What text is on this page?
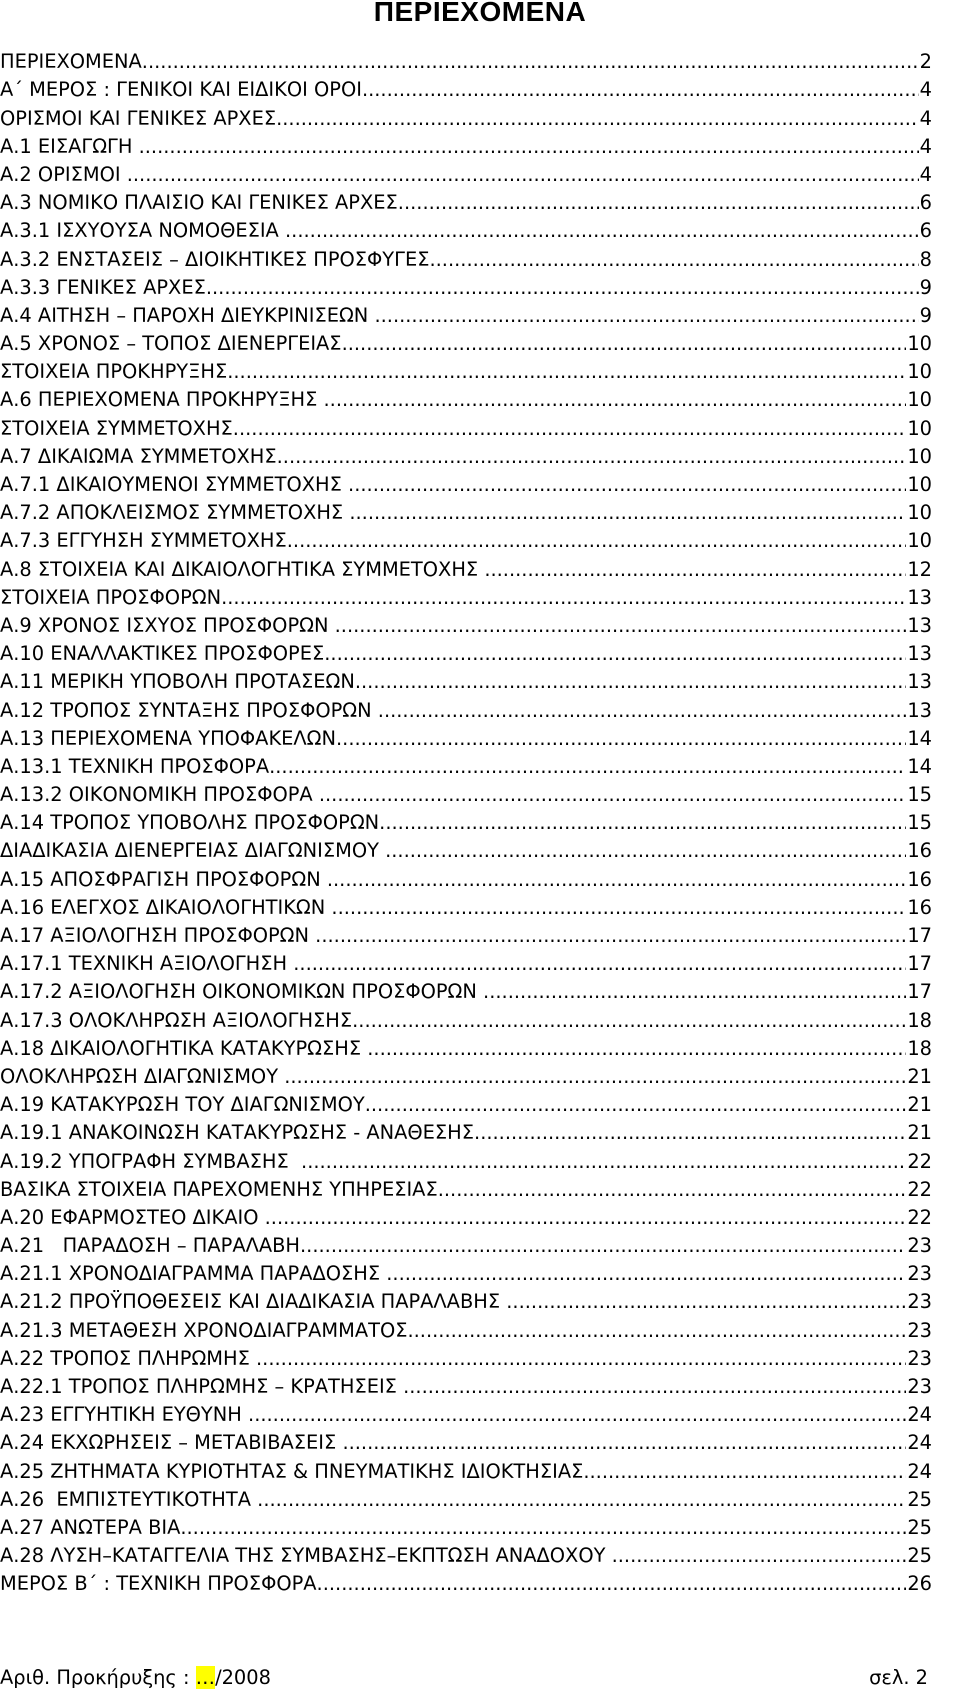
ΠΕΡΙΕΧΟΜΕΝΑ
ΠΕΡΙΕΧΟΜΕΝΑ .....	2
Α΄ ΜΕΡΟΣ : ΓΕΝΙΚΟΙ ΚΑΙ ΕΙΔΙΚΟΙ ΟΡΟΙ .....	4
ΟΡΙΣΜΟΙ ΚΑΙ ΓΕΝΙΚΕΣ ΑΡΧΕΣ .....	4
Α.1 ΕΙΣΑΓΩΓΗ .....	4
Α.2 ΟΡΙΣΜΟΙ .....	4
Α.3 ΝΟΜΙΚΟ ΠΛΑΙΣΙΟ ΚΑΙ ΓΕΝΙΚΕΣ ΑΡΧΕΣ .....	6
Α.3.1 ΙΣΧΥΟΥΣΑ ΝΟΜΟΘΕΣΙΑ .....	6
Α.3.2 ΕΝΣΤΑΣΕΙΣ – ΔΙΟΙΚΗΤΙΚΕΣ ΠΡΟΣΦΥΓΕΣ .....	8
Α.3.3 ΓΕΝΙΚΕΣ ΑΡΧΕΣ .....	9
Α.4 ΑΙΤΗΣΗ – ΠΑΡΟΧΗ ΔΙΕΥΚΡΙΝΙΣΕΩΝ .....	9
Α.5 ΧΡΟΝΟΣ – ΤΟΠΟΣ ΔΙΕΝΕΡΓΕΙΑΣ .....	10
ΣΤΟΙΧΕΙΑ ΠΡΟΚΗΡΥΞΗΣ .....	10
Α.6 ΠΕΡΙΕΧΟΜΕΝΑ ΠΡΟΚΗΡΥΞΗΣ .....	10
ΣΤΟΙΧΕΙΑ ΣΥΜΜΕΤΟΧΗΣ .....	10
Α.7 ΔΙΚΑΙΩΜΑ ΣΥΜΜΕΤΟΧΗΣ .....	10
Α.7.1 ΔΙΚΑΙΟΥΜΕΝΟΙ ΣΥΜΜΕΤΟΧΗΣ .....	10
Α.7.2 ΑΠΟΚΛΕΙΣΜΟΣ ΣΥΜΜΕΤΟΧΗΣ .....	10
Α.7.3 ΕΓΓΥΗΣΗ ΣΥΜΜΕΤΟΧΗΣ .....	10
Α.8 ΣΤΟΙΧΕΙΑ ΚΑΙ ΔΙΚΑΙΟΛΟΓΗΤΙΚΑ ΣΥΜΜΕΤΟΧΗΣ .....	12
ΣΤΟΙΧΕΙΑ ΠΡΟΣΦΟΡΩΝ .....	13
Α.9 ΧΡΟΝΟΣ ΙΣΧΥΟΣ ΠΡΟΣΦΟΡΩΝ .....	13
Α.10 ΕΝΑΛΛΑΚΤΙΚΕΣ ΠΡΟΣΦΟΡΕΣ .....	13
Α.11 ΜΕΡΙΚΗ ΥΠΟΒΟΛΗ ΠΡΟΤΑΣΕΩΝ .....	13
Α.12 ΤΡΟΠΟΣ ΣΥΝΤΑΞΗΣ ΠΡΟΣΦΟΡΩΝ .....	13
Α.13 ΠΕΡΙΕΧΟΜΕΝΑ ΥΠΟΦΑΚΕΛΩΝ .....	14
Α.13.1 ΤΕΧΝΙΚΗ ΠΡΟΣΦΟΡΑ .....	14
Α.13.2 ΟΙΚΟΝΟΜΙΚΗ ΠΡΟΣΦΟΡΑ .....	15
Α.14 ΤΡΟΠΟΣ ΥΠΟΒΟΛΗΣ ΠΡΟΣΦΟΡΩΝ .....	15
ΔΙΑΔΙΚΑΣΙΑ ΔΙΕΝΕΡΓΕΙΑΣ ΔΙΑΓΩΝΙΣΜΟΥ .....	16
Α.15 ΑΠΟΣΦΡΑΓΙΣΗ ΠΡΟΣΦΟΡΩΝ .....	16
Α.16 ΕΛΕΓΧΟΣ ΔΙΚΑΙΟΛΟΓΗΤΙΚΩΝ .....	16
Α.17 ΑΞΙΟΛΟΓΗΣΗ ΠΡΟΣΦΟΡΩΝ .....	17
Α.17.1 ΤΕΧΝΙΚΗ ΑΞΙΟΛΟΓΗΣΗ .....	17
Α.17.2 ΑΞΙΟΛΟΓΗΣΗ ΟΙΚΟΝΟΜΙΚΩΝ ΠΡΟΣΦΟΡΩΝ .....	17
Α.17.3 ΟΛΟΚΛΗΡΩΣΗ ΑΞΙΟΛΟΓΗΣΗΣ .....	18
Α.18 ΔΙΚΑΙΟΛΟΓΗΤΙΚΑ ΚΑΤΑΚΥΡΩΣΗΣ .....	18
ΟΛΟΚΛΗΡΩΣΗ ΔΙΑΓΩΝΙΣΜΟΥ .....	21
Α.19 ΚΑΤΑΚΥΡΩΣΗ ΤΟΥ ΔΙΑΓΩΝΙΣΜΟΥ .....	21
Α.19.1 ΑΝΑΚΟΙΝΩΣΗ ΚΑΤΑΚΥΡΩΣΗΣ - ΑΝΑΘΕΣΗΣ .....	21
Α.19.2 ΥΠΟΓΡΑΦΗ ΣΥΜΒΑΣΗΣ .....	22
ΒΑΣΙΚΑ ΣΤΟΙΧΕΙΑ ΠΑΡΕΧΟΜΕΝΗΣ ΥΠΗΡΕΣΙΑΣ .....	22
Α.20 ΕΦΑΡΜΟΣΤΕΟ ΔΙΚΑΙΟ .....	22
Α.21   ΠΑΡΑΔΟΣΗ – ΠΑΡΑΛΑΒΗ .....	23
Α.21.1 ΧΡΟΝΟΔΙΑΓΡΑΜΜΑ ΠΑΡΑΔΟΣΗΣ .....	23
Α.21.2 ΠΡΟΫΠΟΘΕΣΕΙΣ ΚΑΙ ΔΙΑΔΙΚΑΣΙΑ ΠΑΡΑΛΑΒΗΣ .....	23
Α.21.3 ΜΕΤΑΘΕΣΗ ΧΡΟΝΟΔΙΑΓΡΑΜΜΑΤΟΣ .....	23
Α.22 ΤΡΟΠΟΣ ΠΛΗΡΩΜΗΣ .....	23
Α.22.1 ΤΡΟΠΟΣ ΠΛΗΡΩΜΗΣ – ΚΡΑΤΗΣΕΙΣ .....	23
Α.23 ΕΓΓΥΗΤΙΚΗ ΕΥΘΥΝΗ .....	24
Α.24 ΕΚΧΩΡΗΣΕΙΣ – ΜΕΤΑΒΙΒΑΣΕΙΣ .....	24
Α.25 ΖΗΤΗΜΑΤΑ ΚΥΡΙΟΤΗΤΑΣ & ΠΝΕΥΜΑΤΙΚΗΣ ΙΔΙΟΚΤΗΣΙΑΣ .....	24
Α.26  ΕΜΠΙΣΤΕΥΤΙΚΟΤΗΤΑ .....	25
Α.27 ΑΝΩΤΕΡΑ ΒΙΑ .....	25
Α.28 ΛΥΣΗ–ΚΑΤΑΓΓΕΛΙΑ ΤΗΣ ΣΥΜΒΑΣΗΣ–ΕΚΠΤΩΣΗ ΑΝΑΔΟΧΟΥ .....	25
ΜΕΡΟΣ Β΄ : ΤΕΧΝΙΚΗ ΠΡΟΣΦΟΡΑ .....	26
Αριθ. Προκήρυξης : …/2008	σελ. 2
